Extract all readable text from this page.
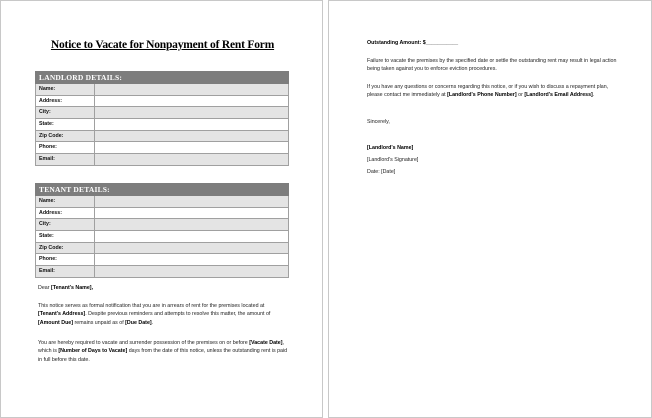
Notice to Vacate for Nonpayment of Rent Form
LANDLORD DETAILS:
Name:
Address:
City:
State:
Zip Code:
Phone:
Email:
TENANT DETAILS:
Name:
Address:
City:
State:
Zip Code:
Phone:
Email:
Dear [Tenant's Name],
This notice serves as formal notification that you are in arrears of rent for the premises located at [Tenant's Address]. Despite previous reminders and attempts to resolve this matter, the amount of [Amount Due] remains unpaid as of [Due Date].
You are hereby required to vacate and surrender possession of the premises on or before [Vacate Date], which is [Number of Days to Vacate] days from the date of this notice, unless the outstanding rent is paid in full before this date.
Outstanding Amount: $___________
Failure to vacate the premises by the specified date or settle the outstanding rent may result in legal action being taken against you to enforce eviction procedures.
If you have any questions or concerns regarding this notice, or if you wish to discuss a repayment plan, please contact me immediately at [Landlord's Phone Number] or [Landlord's Email Address].
Sincerely,
[Landlord's Name]
[Landlord's Signature]
Date: [Date]
